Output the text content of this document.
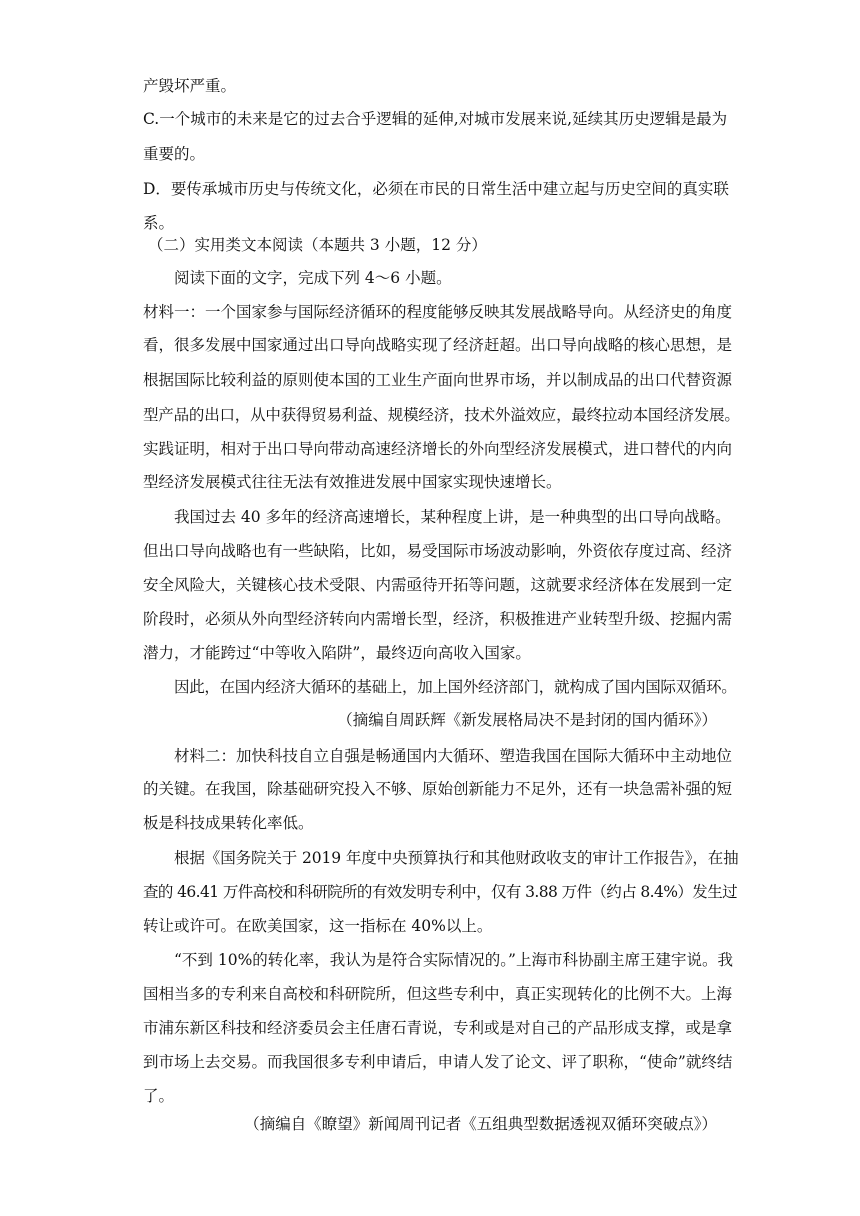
产毁坏严重。
C.一个城市的未来是它的过去合乎逻辑的延伸,对城市发展来说,延续其历史逻辑是最为
重要的。
D．要传承城市历史与传统文化，必须在市民的日常生活中建立起与历史空间的真实联
系。
（二）实用类文本阅读（本题共 3 小题，12 分）
阅读下面的文字，完成下列 4～6 小题。
材料一：一个国家参与国际经济循环的程度能够反映其发展战略导向。从经济史的角度
看，很多发展中国家通过出口导向战略实现了经济赶超。出口导向战略的核心思想，是
根据国际比较利益的原则使本国的工业生产面向世界市场，并以制成品的出口代替资源
型产品的出口，从中获得贸易利益、规模经济，技术外溢效应，最终拉动本国经济发展。
实践证明，相对于出口导向带动高速经济增长的外向型经济发展模式，进口替代的内向
型经济发展模式往往无法有效推进发展中国家实现快速增长。
我国过去 40 多年的经济高速增长，某种程度上讲，是一种典型的出口导向战略。
但出口导向战略也有一些缺陷，比如，易受国际市场波动影响，外资依存度过高、经济
安全风险大，关键核心技术受限、内需亟待开拓等问题，这就要求经济体在发展到一定
阶段时，必须从外向型经济转向内需增长型，经济，积极推进产业转型升级、挖掘内需
潜力，才能跨过“中等收入陷阱”，最终迈向高收入国家。
因此，在国内经济大循环的基础上，加上国外经济部门，就构成了国内国际双循环。
（摘编自周跃辉《新发展格局决不是封闭的国内循环》）
材料二：加快科技自立自强是畅通国内大循环、塑造我国在国际大循环中主动地位
的关键。在我国，除基础研究投入不够、原始创新能力不足外，还有一块急需补强的短
板是科技成果转化率低。
根据《国务院关于 2019 年度中央预算执行和其他财政收支的审计工作报告》，在抽
查的 46.41 万件高校和科研院所的有效发明专利中，仅有 3.88 万件（约占 8.4%）发生过
转让或许可。在欧美国家，这一指标在 40%以上。
“不到 10%的转化率，我认为是符合实际情况的。”上海市科协副主席王建宇说。我
国相当多的专利来自高校和科研院所，但这些专利中，真正实现转化的比例不大。上海
市浦东新区科技和经济委员会主任唐石青说，专利或是对自己的产品形成支撑，或是拿
到市场上去交易。而我国很多专利申请后，申请人发了论文、评了职称，“使命”就终结
了。
（摘编自《瞭望》新闻周刊记者《五组典型数据透视双循环突破点》）
